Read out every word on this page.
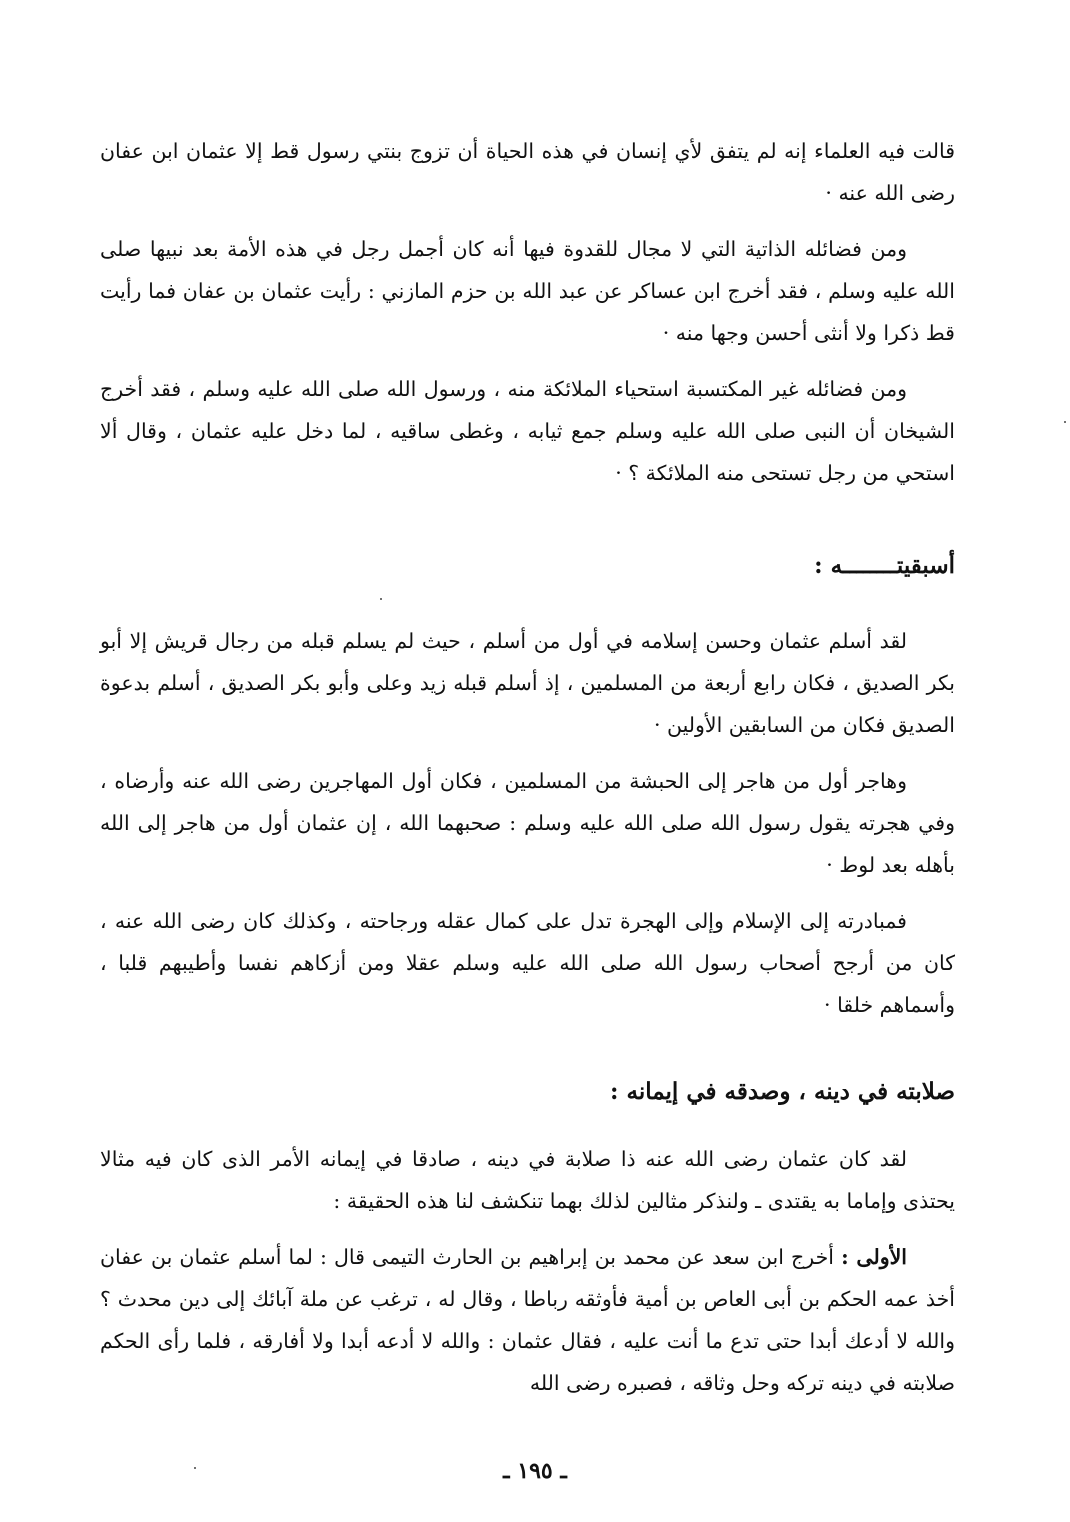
قالت فيه العلماء إنه لم يتفق لأي إنسان في هذه الحياة أن تزوج بنتي رسول قط إلا عثمان ابن عفان رضى الله عنه ·

ومن فضائله الذاتية التي لا مجال للقدوة فيها أنه كان أجمل رجل في هذه الأمة بعد نبيها صلى الله عليه وسلم ، فقد أخرج ابن عساكر عن عبد الله بن حزم المازني : رأيت عثمان بن عفان فما رأيت قط ذكرا ولا أنثى أحسن وجها منه ·

ومن فضائله غير المكتسبة استحياء الملائكة منه ، ورسول الله صلى الله عليه وسلم ، فقد أخرج الشيخان أن النبى صلى الله عليه وسلم جمع ثيابه ، وغطى ساقيه ، لما دخل عليه عثمان ، وقال ألا استحي من رجل تستحى منه الملائكة ؟ ·

أسبقيتــــــــه :

لقد أسلم عثمان وحسن إسلامه في أول من أسلم ، حيث لم يسلم قبله من رجال قريش إلا أبو بكر الصديق ، فكان رابع أربعة من المسلمين ، إذ أسلم قبله زيد وعلى وأبو بكر الصديق ، أسلم بدعوة الصديق فكان من السابقين الأولين ·

وهاجر أول من هاجر إلى الحبشة من المسلمين ، فكان أول المهاجرين رضى الله عنه وأرضاه ، وفي هجرته يقول رسول الله صلى الله عليه وسلم : صحبهما الله ، إن عثمان أول من هاجر إلى الله بأهله بعد لوط ·

فمبادرته إلى الإسلام وإلى الهجرة تدل على كمال عقله ورجاحته ، وكذلك كان رضى الله عنه ، كان من أرجح أصحاب رسول الله صلى الله عليه وسلم عقلا ومن أزكاهم نفسا وأطيبهم قلبا ، وأسماهم خلقا ·

صلابته في دينه ، وصدقه في إيمانه :

لقد كان عثمان رضى الله عنه ذا صلابة في دينه ، صادقا في إيمانه الأمر الذى كان فيه مثالا يحتذى وإماما به يقتدى ـ ولنذكر مثالين لذلك بهما تنكشف لنا هذه الحقيقة :

الأولى : أخرج ابن سعد عن محمد بن إبراهيم بن الحارث التيمى قال : لما أسلم عثمان بن عفان أخذ عمه الحكم بن أبى العاص بن أمية فأوثقه رباطا ، وقال له ، ترغب عن ملة آبائك إلى دين محدث ؟ والله لا أدعك أبدا حتى تدع ما أنت عليه ، فقال عثمان : والله لا أدعه أبدا ولا أفارقه ، فلما رأى الحكم صلابته في دينه تركه وحل وثاقه ، فصبره رضى الله

ـ ١٩٥ ـ
